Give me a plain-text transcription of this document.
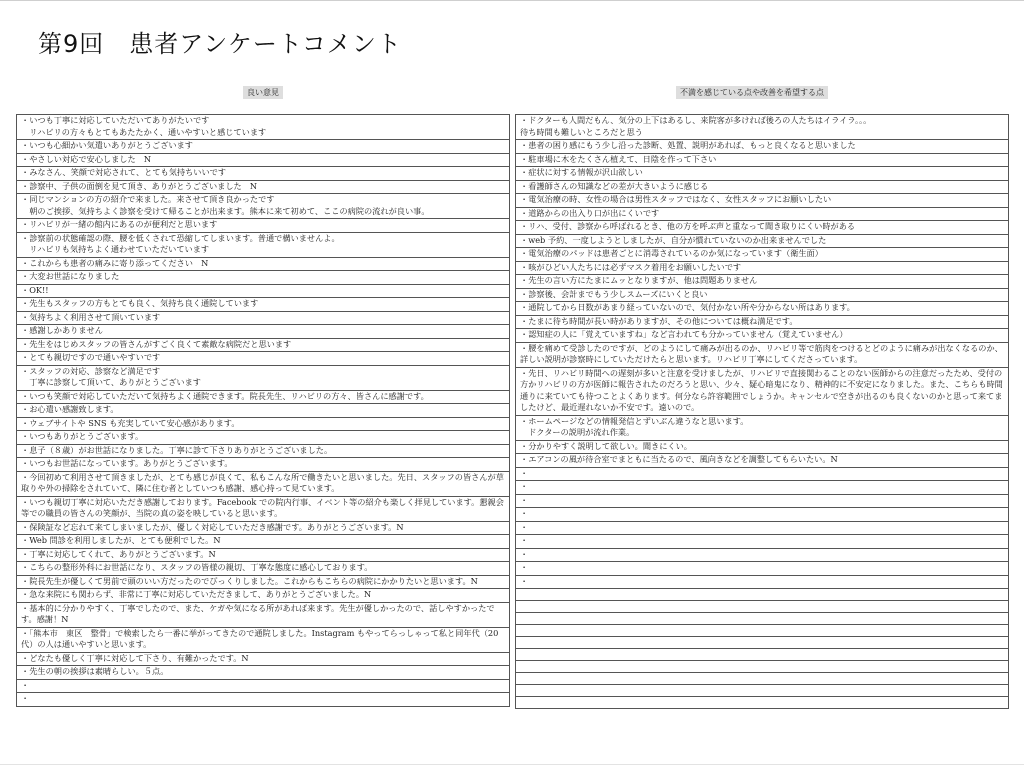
第9回　患者アンケートコメント
良い意見	不満を感じている点や改善を希望する点
・いつも丁寧に対応していただいてありがたいです
　リハビリの方々もとてもあたたかく、通いやすいと感じています
・いつも心細かい気遣いありがとうございます
・やさしい対応で安心しました　N
・みなさん、笑顔で対応されて、とても気持ちいいです
・診察中、子供の面倒を見て頂き、ありがとうございました　N
・同じマンションの方の紹介で来ました。来させて頂き良かったです
　朝のご挨拶、気持ちよく診察を受けて帰ることが出来ます。熊本に来て初めて、ここの病院の流れが良い事。
・リハビリが一緒の館内にあるのが便利だと思います
・診察前の状態確認の際、腰を低くされて恐縮してしまいます。普通で構いませんよ。
　リハビリも気持ちよく通わせていただいています
・これからも患者の痛みに寄り添ってください　N
・大変お世話になりました
・OK!!
・先生もスタッフの方もとても良く、気持ち良く通院しています
・気持ちよく利用させて頂いています
・感謝しかありません
・先生をはじめスタッフの皆さんがすごく良くて素敵な病院だと思います
・とても親切ですので通いやすいです
・スタッフの対応、診察など満足です
　丁寧に診察して頂いて、ありがとうございます
・いつも笑顔で対応していただいて気持ちよく通院できます。院長先生、リハビリの方々、皆さんに感謝です。
・お心遣い感謝致します。
・ウェブサイトや SNS も充実していて安心感があります。
・いつもありがとうございます。
・息子（８歳）がお世話になりました。丁寧に診て下さりありがとうございました。
・いつもお世話になっています。ありがとうございます。
・今回初めて利用させて頂きましたが、とても感じが良くて、私もこんな所で働きたいと思いました。先日、スタッフの皆さんが草取りや外の掃除をされていて、隣に住む者としていつも感謝、感心持って見ています。
・いつも親切丁寧に対応いただき感謝しております。Facebook での院内行事、イベント等の紹介も楽しく拝見しています。懇親会等での職員の皆さんの笑顔が、当院の真の姿を映していると思います。
・保険証など忘れて来てしまいましたが、優しく対応していただき感謝です。ありがとうございます。N
・Web 問診を利用しましたが、とても便利でした。N
・丁寧に対応してくれて、ありがとうございます。N
・こちらの整形外科にお世話になり、スタッフの皆様の親切、丁寧な態度に感心しております。
・院長先生が優しくて男前で頭のいい方だったのでびっくりしました。これからもこちらの病院にかかりたいと思います。N
・急な来院にも関わらず、非常に丁寧に対応していただきまして、ありがとうございました。N
・基本的に分かりやすく、丁寧でしたので、また、ケガや気になる所があれば来ます。先生が優しかったので、話しやすかったです。感謝！N
・「熊本市　東区　整骨」で検索したら一番に挙がってきたので通院しました。Instagram もやってらっしゃって私と同年代（20 代）の人は通いやすいと思います。
・どなたも優しく丁寧に対応して下さり、有難かったです。N
・先生の朝の挨拶は素晴らしい。５点。
・
・
・ドクターも人間だもん、気分の上下はあるし、来院客が多ければ後ろの人たちはイライラ。。。
待ち時間も難しいところだと思う
・患者の困り感にもう少し沿った診断、処置、説明があれば、もっと良くなると思いました
・駐車場に木をたくさん植えて、日陰を作って下さい
・症状に対する情報が沢山欲しい
・看護師さんの知識などの差が大きいように感じる
・電気治療の時、女性の場合は男性スタッフではなく、女性スタッフにお願いしたい
・道路からの出入り口が出にくいです
・リハ、受付、診察から呼ばれるとき、他の方を呼ぶ声と重なって聞き取りにくい時がある
・web 予約、一度しようとしましたが、自分が慣れていないのか出来ませんでした
・電気治療のパッドは患者ごとに消毒されているのか気になっています（衛生面）
・咳がひどい人たちには必ずマスク着用をお願いしたいです
・先生の言い方にたまにムッとなりますが、他は問題ありません
・診察後、会計までもう少しスムーズにいくと良い
・通院してから日数があまり経っていないので、気付かない所や分からない所はあります。
・たまに待ち時間が長い時がありますが、その他については概ね満足です。
・認知症の人に「覚えていますね」など言われても分かっていません（覚えていません）
・腰を痛めて受診したのですが、どのようにして痛みが出るのか、リハビリ等で筋肉をつけるとどのように痛みが出なくなるのか、詳しい説明が診察時にしていただけたらと思います。リハビリ丁寧にしてくださっています。
・先日、リハビリ時間への遅刻が多いと注意を受けましたが、リハビリで直接関わることのない医師からの注意だったため、受付の方かリハビリの方が医師に報告されたのだろうと思い、少々、疑心暗鬼になり、精神的に不安定になりました。また、こちらも時間通りに来ていても待つことよくあります。何分なら許容範囲でしょうか。キャンセルで空きが出るのも良くないのかと思って来てましたけど、最近遅れないか不安です。遠いので。
・ホームページなどの情報発信とずいぶん違うなと思います。
　ドクターの説明が流れ作業。
・分かりやすく説明して欲しい。聞きにくい。
・エアコンの風が待合室でまともに当たるので、風向きなどを調整してもらいたい。N
・
・
・
・
・
・
・
・
・
